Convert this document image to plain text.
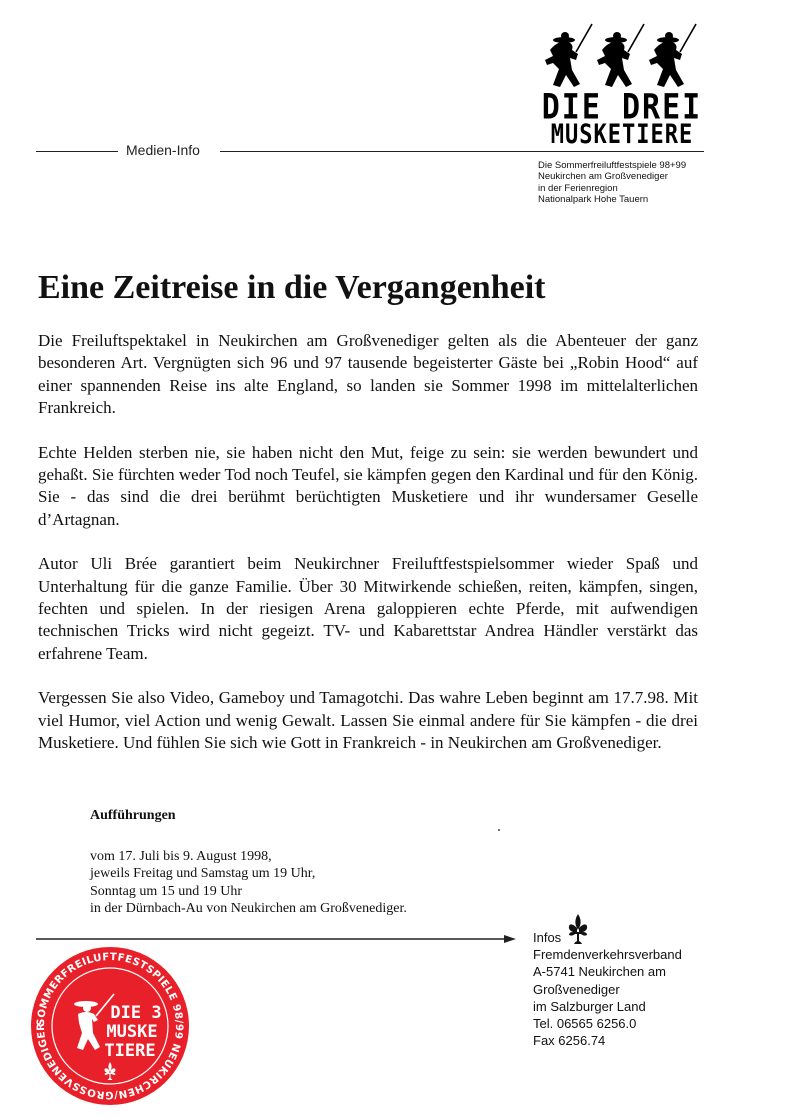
DIE DREI
MUSKETIERE
Medien-Info
Die Sommerfreiluftfestspiele 98+99
Neukirchen am Großvenediger
in der Ferienregion
Nationalpark Hohe Tauern
Eine Zeitreise in die Vergangenheit

Die Freiluftspektakel in Neukirchen am Großvenediger gelten als die Abenteuer der ganz besonderen Art. Vergnügten sich 96 und 97 tausende begeisterter Gäste bei „Robin Hood“ auf einer spannenden Reise ins alte England, so landen sie Sommer 1998 im mittelalterlichen Frankreich.

Echte Helden sterben nie, sie haben nicht den Mut, feige zu sein: sie werden bewundert und gehaßt. Sie fürchten weder Tod noch Teufel, sie kämpfen gegen den Kardinal und für den König. Sie - das sind die drei berühmt berüchtigten Musketiere und ihr wundersamer Geselle d’Artagnan.

Autor Uli Brée garantiert beim Neukirchner Freiluftfestspielsommer wieder Spaß und Unterhaltung für die ganze Familie. Über 30 Mitwirkende schießen, reiten, kämpfen, singen, fechten und spielen. In der riesigen Arena galoppieren echte Pferde, mit aufwendigen technischen Tricks wird nicht gegeizt. TV- und Kabarettstar Andrea Händler verstärkt das erfahrene Team.

Vergessen Sie also Video, Gameboy und Tamagotchi. Das wahre Leben beginnt am 17.7.98. Mit viel Humor, viel Action und wenig Gewalt. Lassen Sie einmal andere für Sie kämpfen - die drei Musketiere. Und fühlen Sie sich wie Gott in Frankreich - in Neukirchen am Großvenediger.

Aufführungen
vom 17. Juli bis 9. August 1998,
jeweils Freitag und Samstag um 19 Uhr,
Sonntag um 15 und 19 Uhr
in der Dürnbach-Au von Neukirchen am Großvenediger.
Infos
Fremdenverkehrsverband
A-5741 Neukirchen am
Großvenediger
im Salzburger Land
Tel. 06565 6256.0
Fax 6256.74
SOMMERFREILUFTFESTSPIELE 98/99 NEUKIRCHEN/GROSSVENEDIGER
DIE 3
MUSKE
TIERE
